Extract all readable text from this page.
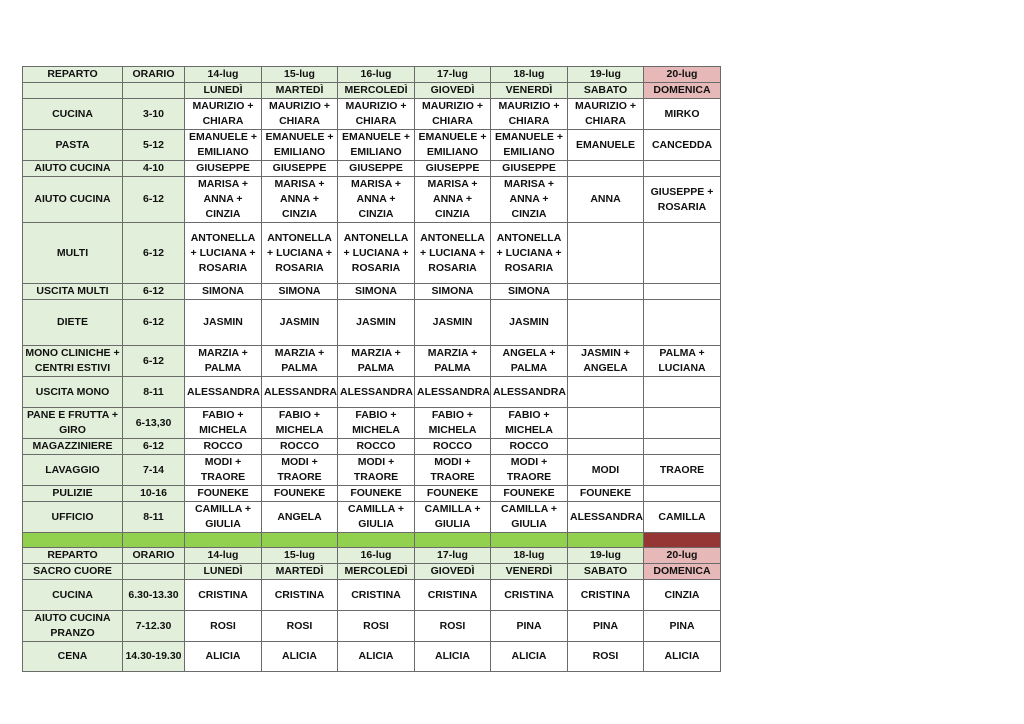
REPARTO	ORARIO	14-lug	15-lug	16-lug	17-lug	18-lug	19-lug	20-lug
		LUNEDÌ	MARTEDÌ	MERCOLEDÌ	GIOVEDÌ	VENERDÌ	SABATO	DOMENICA
CUCINA	3-10	MAURIZIO + CHIARA	MAURIZIO + CHIARA	MAURIZIO + CHIARA	MAURIZIO + CHIARA	MAURIZIO + CHIARA	MAURIZIO + CHIARA	MIRKO
PASTA	5-12	EMANUELE + EMILIANO	EMANUELE + EMILIANO	EMANUELE + EMILIANO	EMANUELE + EMILIANO	EMANUELE + EMILIANO	EMANUELE	CANCEDDA
AIUTO CUCINA	4-10	GIUSEPPE	GIUSEPPE	GIUSEPPE	GIUSEPPE	GIUSEPPE		
AIUTO CUCINA	6-12	MARISA + ANNA + CINZIA	MARISA + ANNA + CINZIA	MARISA + ANNA + CINZIA	MARISA + ANNA + CINZIA	MARISA + ANNA + CINZIA	ANNA	GIUSEPPE + ROSARIA
MULTI	6-12	ANTONELLA + LUCIANA + ROSARIA	ANTONELLA + LUCIANA + ROSARIA	ANTONELLA + LUCIANA + ROSARIA	ANTONELLA + LUCIANA + ROSARIA	ANTONELLA + LUCIANA + ROSARIA		
USCITA MULTI	6-12	SIMONA	SIMONA	SIMONA	SIMONA	SIMONA		
DIETE	6-12	JASMIN	JASMIN	JASMIN	JASMIN	JASMIN		
MONO CLINICHE + CENTRI ESTIVI	6-12	MARZIA + PALMA	MARZIA + PALMA	MARZIA + PALMA	MARZIA + PALMA	ANGELA + PALMA	JASMIN + ANGELA	PALMA + LUCIANA
USCITA MONO	8-11	ALESSANDRA	ALESSANDRA	ALESSANDRA	ALESSANDRA	ALESSANDRA		
PANE E FRUTTA + GIRO	6-13,30	FABIO + MICHELA	FABIO + MICHELA	FABIO + MICHELA	FABIO + MICHELA	FABIO + MICHELA		
MAGAZZINIERE	6-12	ROCCO	ROCCO	ROCCO	ROCCO	ROCCO		
LAVAGGIO	7-14	MODI + TRAORE	MODI + TRAORE	MODI + TRAORE	MODI + TRAORE	MODI + TRAORE	MODI	TRAORE
PULIZIE	10-16	FOUNEKE	FOUNEKE	FOUNEKE	FOUNEKE	FOUNEKE	FOUNEKE	
UFFICIO	8-11	CAMILLA + GIULIA	ANGELA	CAMILLA + GIULIA	CAMILLA + GIULIA	CAMILLA + GIULIA	ALESSANDRA	CAMILLA

REPARTO	ORARIO	14-lug	15-lug	16-lug	17-lug	18-lug	19-lug	20-lug
SACRO CUORE		LUNEDÌ	MARTEDÌ	MERCOLEDÌ	GIOVEDÌ	VENERDÌ	SABATO	DOMENICA
CUCINA	6.30-13.30	CRISTINA	CRISTINA	CRISTINA	CRISTINA	CRISTINA	CRISTINA	CINZIA
AIUTO CUCINA PRANZO	7-12.30	ROSI	ROSI	ROSI	ROSI	PINA	PINA	PINA
CENA	14.30-19.30	ALICIA	ALICIA	ALICIA	ALICIA	ALICIA	ROSI	ALICIA
